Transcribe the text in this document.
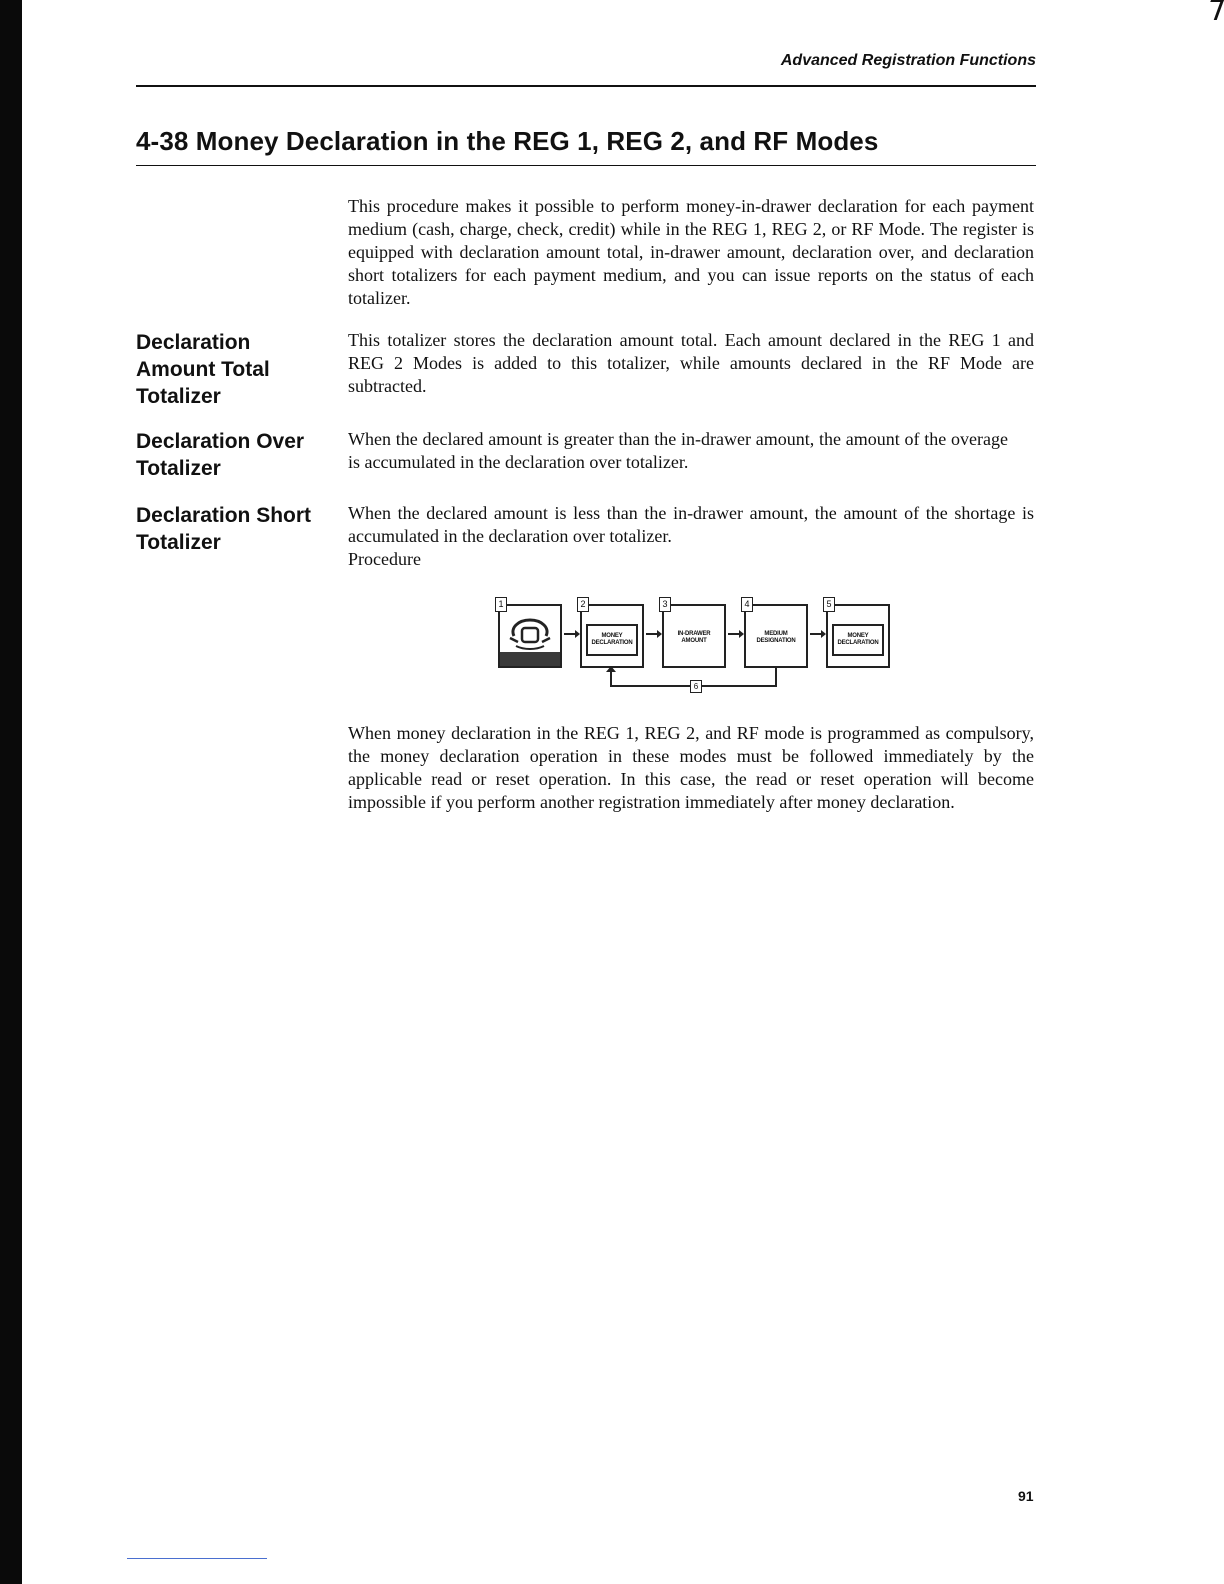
Advanced Registration Functions
4-38 Money Declaration in the REG 1, REG 2, and RF Modes

This procedure makes it possible to perform money-in-drawer declaration for each payment medium (cash, charge, check, credit) while in the REG 1, REG 2, or RF Mode. The register is equipped with declaration amount total, in-drawer amount, declaration over, and declaration short totalizers for each payment medium, and you can issue reports on the status of each totalizer.

Declaration Amount Total Totalizer

This totalizer stores the declaration amount total. Each amount declared in the REG 1 and REG 2 Modes is added to this totalizer, while amounts declared in the RF Mode are subtracted.

Declaration Over Totalizer

When the declared amount is greater than the in-drawer amount, the amount of the overage is accumulated in the declaration over totalizer.

Declaration Short Totalizer

When the declared amount is less than the in-drawer amount, the amount of the shortage is accumulated in the declaration over totalizer.

Procedure
1	2
MONEY
DECLARATION
3
IN-DRAWER
AMOUNT
4
MEDIUM
DESIGNATION
5
MONEY
DECLARATION
6

When money declaration in the REG 1, REG 2, and RF mode is programmed as compulsory, the money declaration operation in these modes must be followed immediately by the applicable read or reset operation. In this case, the read or reset operation will become impossible if you perform another registration immediately after money declaration.

91
